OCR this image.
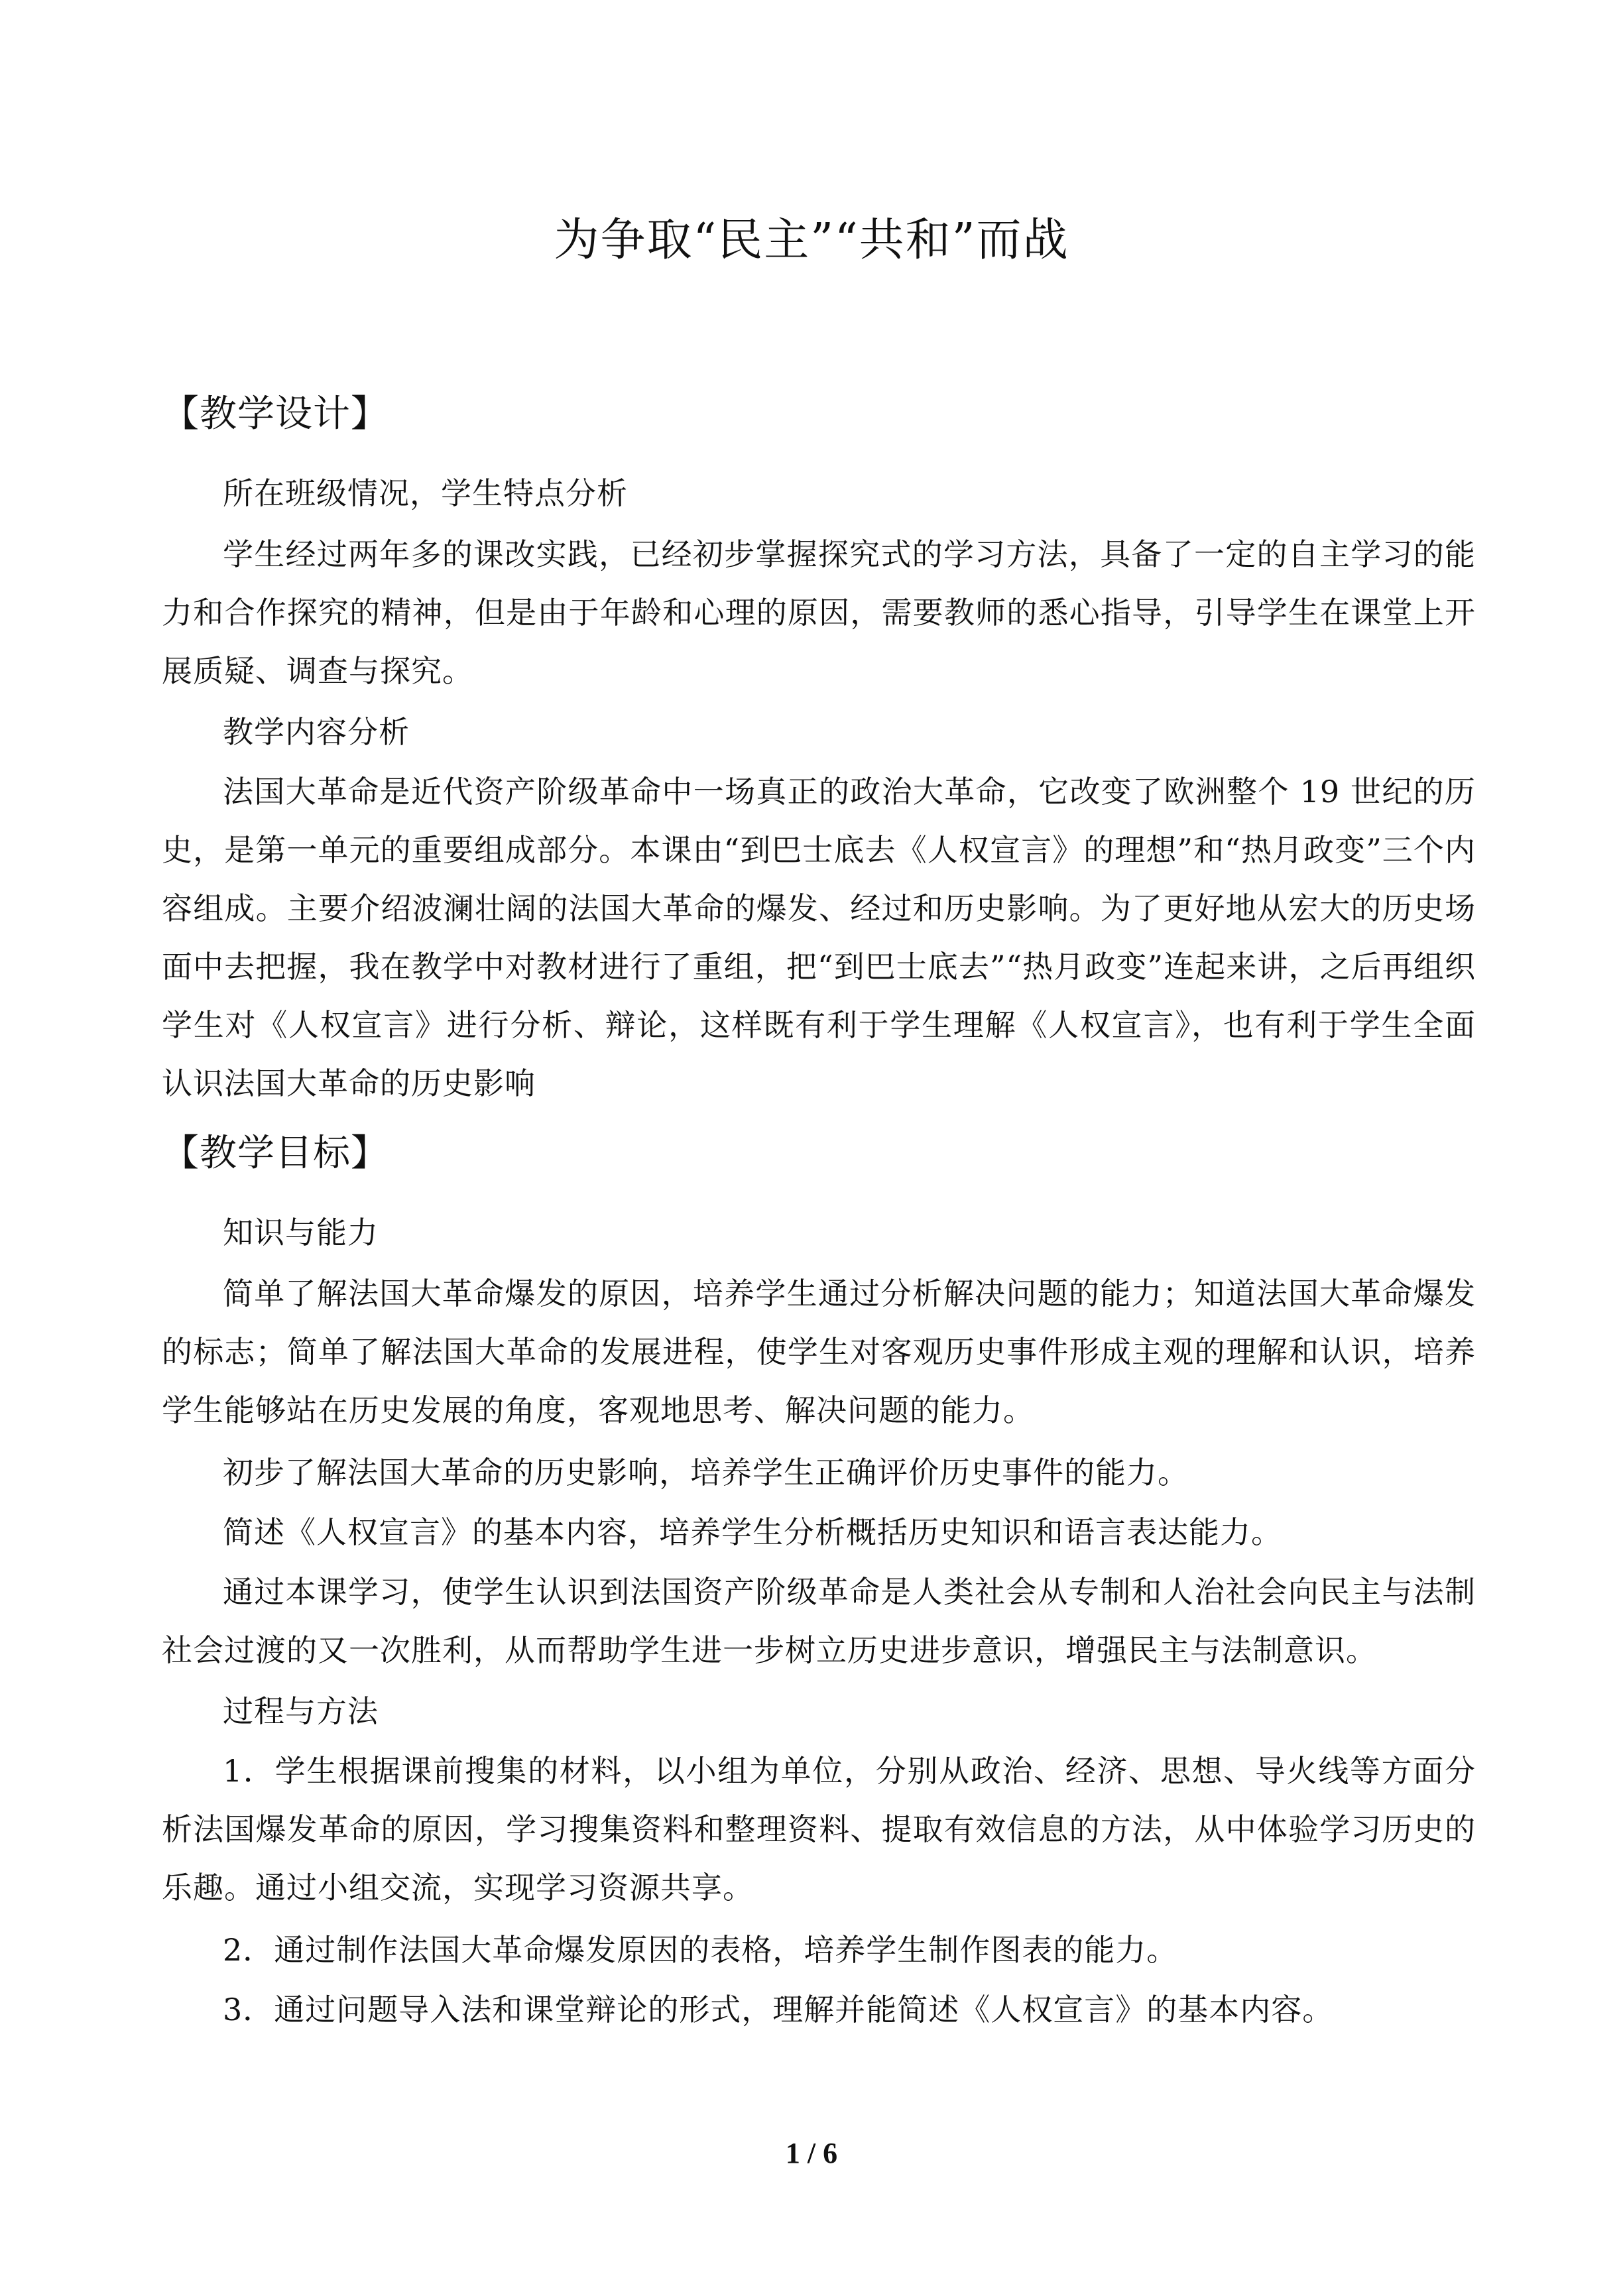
为争取“民主”“共和”而战
【教学设计】
所在班级情况，学生特点分析
学生经过两年多的课改实践，已经初步掌握探究式的学习方法，具备了一定的自主学习的能力和合作探究的精神，但是由于年龄和心理的原因，需要教师的悉心指导，引导学生在课堂上开展质疑、调查与探究。
教学内容分析
法国大革命是近代资产阶级革命中一场真正的政治大革命，它改变了欧洲整个 19 世纪的历史，是第一单元的重要组成部分。本课由“到巴士底去《人权宣言》的理想”和“热月政变”三个内容组成。主要介绍波澜壮阔的法国大革命的爆发、经过和历史影响。为了更好地从宏大的历史场面中去把握，我在教学中对教材进行了重组，把“到巴士底去”“热月政变”连起来讲，之后再组织学生对《人权宣言》进行分析、辩论，这样既有利于学生理解《人权宣言》，也有利于学生全面认识法国大革命的历史影响
【教学目标】
知识与能力
简单了解法国大革命爆发的原因，培养学生通过分析解决问题的能力；知道法国大革命爆发的标志；简单了解法国大革命的发展进程，使学生对客观历史事件形成主观的理解和认识，培养学生能够站在历史发展的角度，客观地思考、解决问题的能力。
初步了解法国大革命的历史影响，培养学生正确评价历史事件的能力。
简述《人权宣言》的基本内容，培养学生分析概括历史知识和语言表达能力。
通过本课学习，使学生认识到法国资产阶级革命是人类社会从专制和人治社会向民主与法制社会过渡的又一次胜利，从而帮助学生进一步树立历史进步意识，增强民主与法制意识。
过程与方法
1．学生根据课前搜集的材料，以小组为单位，分别从政治、经济、思想、导火线等方面分析法国爆发革命的原因，学习搜集资料和整理资料、提取有效信息的方法，从中体验学习历史的乐趣。通过小组交流，实现学习资源共享。
2．通过制作法国大革命爆发原因的表格，培养学生制作图表的能力。
3．通过问题导入法和课堂辩论的形式，理解并能简述《人权宣言》的基本内容。
1 / 6
